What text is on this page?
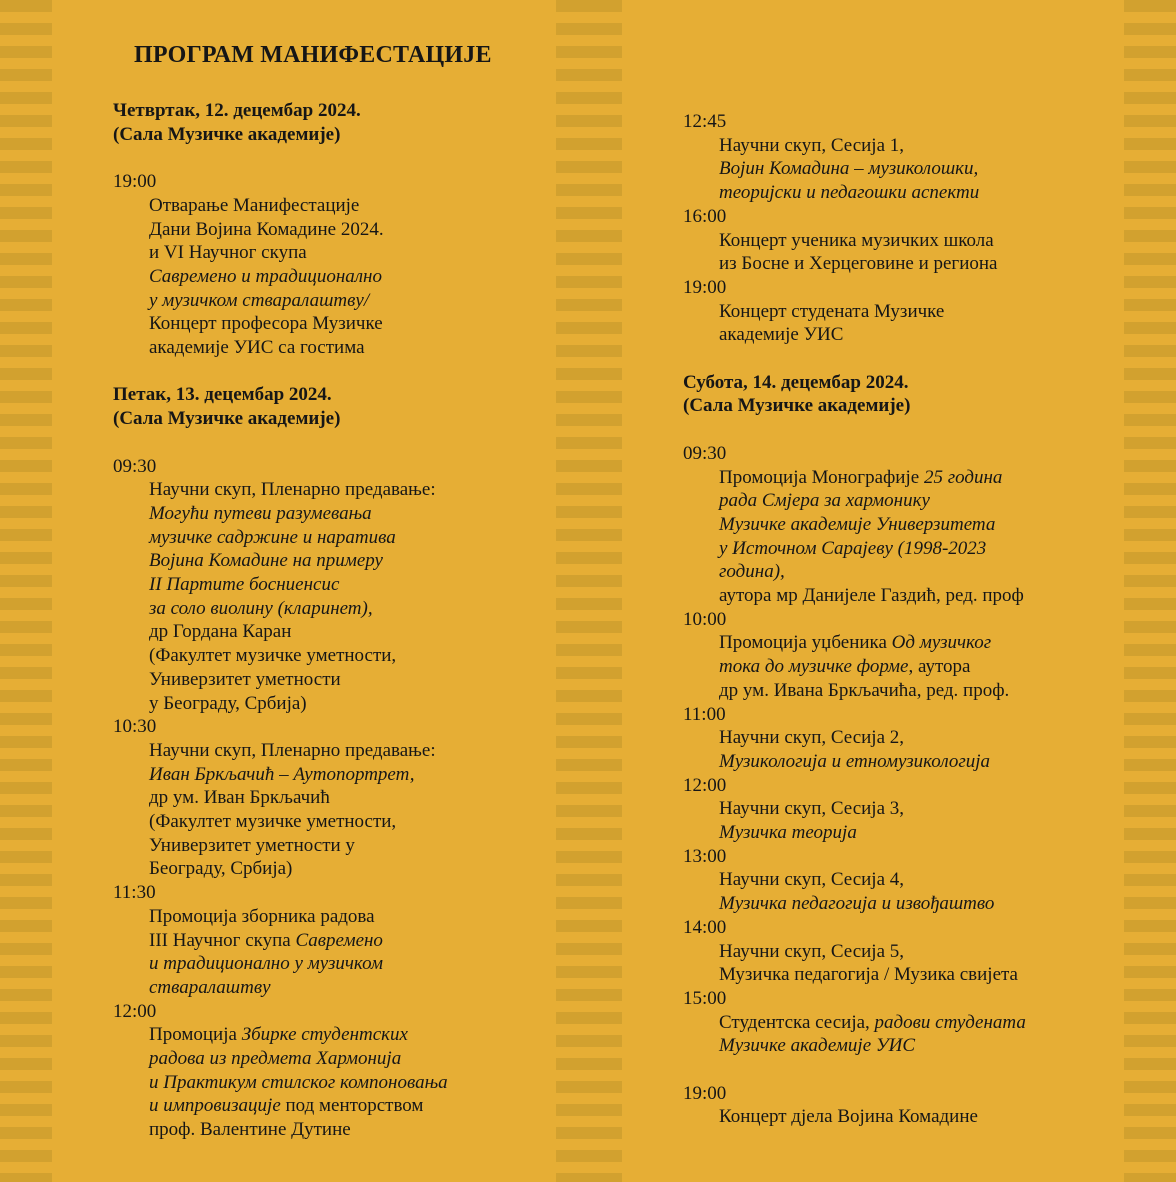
ПРОГРАМ МАНИФЕСТАЦИЈЕ
Четвртак, 12. децембар 2024.
(Сала Музичке академије)
19:00
Отварање Манифестације
Дани Војина Комадине 2024.
и VI Научног скупа
Савремено и традиционално
у музичком стваралаштву/
Концерт професора Музичке
академије УИС са гостима
Петак, 13. децембар 2024.
(Сала Музичке академије)
09:30
Научни скуп, Пленарно предавање:
Могући путеви разумевања
музичке садржине и наратива
Војина Комадине на примеру
II Партите босниенсис
за соло виолину (кларинет),
др Гордана Каран
(Факултет музичке уметности,
Универзитет уметности
у Београду, Србија)
10:30
Научни скуп, Пленарно предавање:
Иван Бркљачић – Аутопортрет,
др ум. Иван Бркљачић
(Факултет музичке уметности,
Универзитет уметности у
Београду, Србија)
11:30
Промоција зборника радова
III Научног скупа Савремено
и традиционално у музичком
стваралаштву
12:00
Промоција Збирке студентских
радова из предмета Хармонија
и Практикум стилског компоновања
и импровизације под менторством
проф. Валентине Дутине
12:45
Научни скуп, Сесија 1,
Војин Комадина – музиколошки,
теоријски и педагошки аспекти
16:00
Концерт ученика музичких школа
из Босне и Херцеговине и региона
19:00
Концерт студената Музичке
академије УИС
Субота, 14. децембар 2024.
(Сала Музичке академије)
09:30
Промоција Монографије 25 година
рада Смјера за хармонику
Музичке академије Универзитета
у Источном Сарајеву (1998-2023
година),
аутора мр Данијеле Газдић, ред. проф
10:00
Промоција уџбеника Од музичког
тока до музичке форме, аутора
др ум. Ивана Бркљачића, ред. проф.
11:00
Научни скуп, Сесија 2,
Музикологија и етномузикологија
12:00
Научни скуп, Сесија 3,
Музичка теорија
13:00
Научни скуп, Сесија 4,
Музичка педагогија и извођаштво
14:00
Научни скуп, Сесија 5,
Музичка педагогија / Музика свијета
15:00
Студентска сесија, радови студената
Музичке академије УИС
19:00
Концерт дјела Војина Комадине
